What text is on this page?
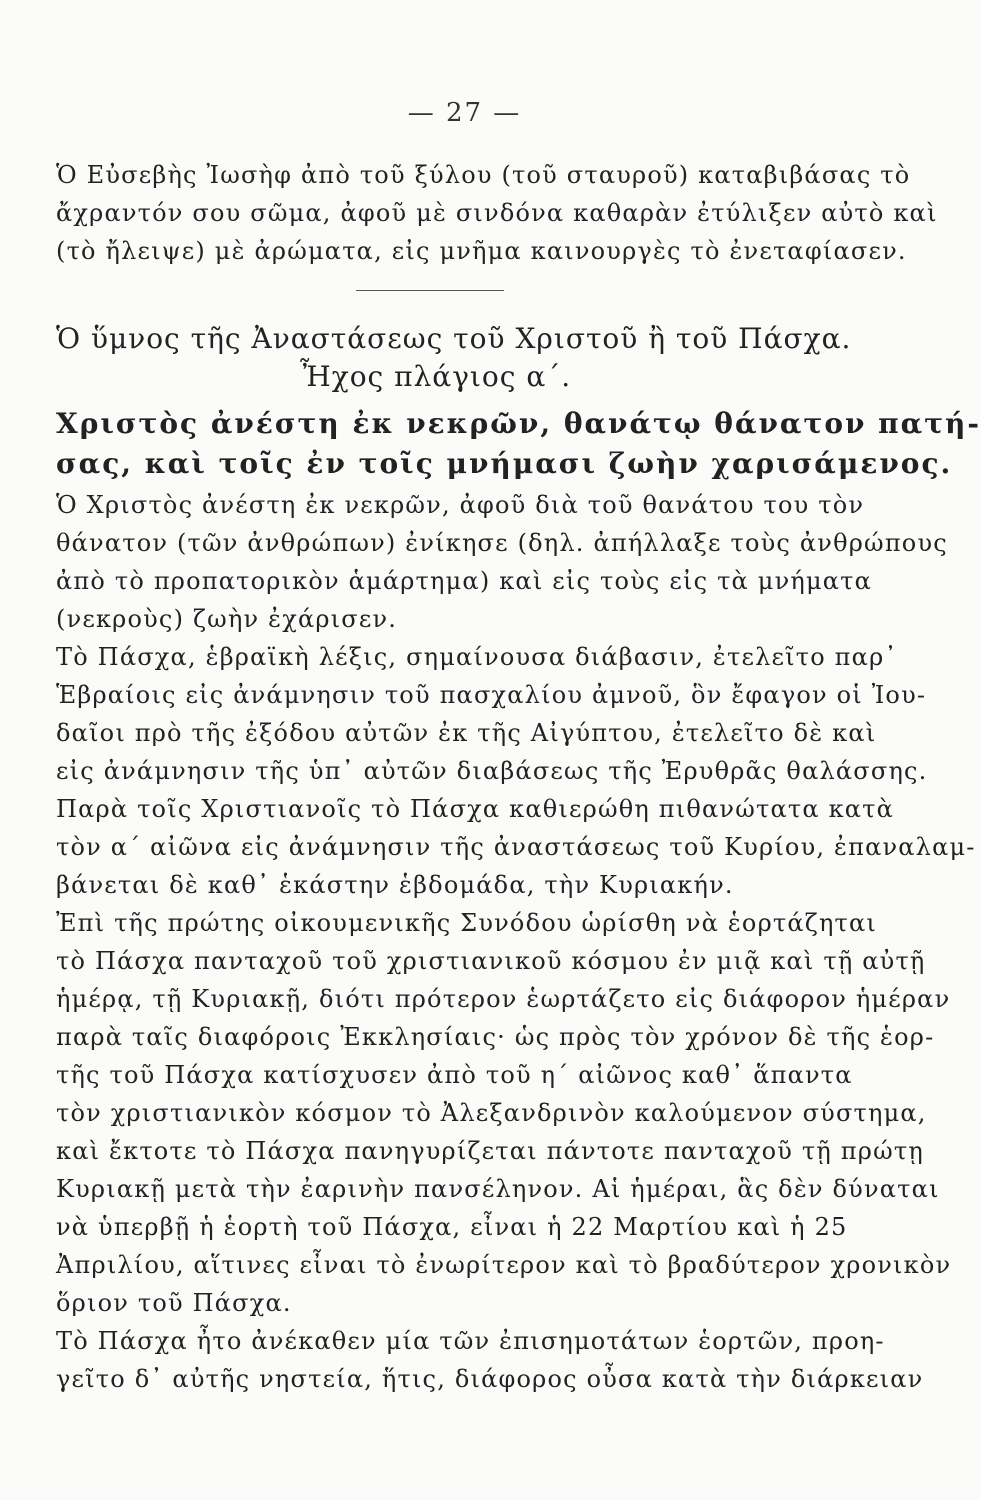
— 27 —
Ὁ Εὐσεβὴς Ἰωσὴφ ἀπὸ τοῦ ξύλου (τοῦ σταυροῦ) καταβιβάσας τὸ
ἄχραντόν σου σῶμα, ἀφοῦ μὲ σινδόνα καθαρὰν ἐτύλιξεν αὐτὸ καὶ
(τὸ ἤλειψε) μὲ ἀρώματα, εἰς μνῆμα καινουργὲς τὸ ἐνεταφίασεν.
Ὁ ὕμνος τῆς Ἀναστάσεως τοῦ Χριστοῦ ἢ τοῦ Πάσχα.
Ἦχος πλάγιος α΄.
Χριστὸς ἀνέστη ἐκ νεκρῶν, θανάτῳ θάνατον πατή-
σας, καὶ τοῖς ἐν τοῖς μνήμασι ζωὴν χαρισάμενος.
Ὁ Χριστὸς ἀνέστη ἐκ νεκρῶν, ἀφοῦ διὰ τοῦ θανάτου του τὸν
θάνατον (τῶν ἀνθρώπων) ἐνίκησε (δηλ. ἀπήλλαξε τοὺς ἀνθρώπους
ἀπὸ τὸ προπατορικὸν ἁμάρτημα) καὶ εἰς τοὺς εἰς τὰ μνήματα
(νεκροὺς) ζωὴν ἐχάρισεν.
Τὸ Πάσχα, ἑβραϊκὴ λέξις, σημαίνουσα διάβασιν, ἐτελεῖτο παρ᾽
Ἑβραίοις εἰς ἀνάμνησιν τοῦ πασχαλίου ἀμνοῦ, ὃν ἔφαγον οἱ Ἰου-
δαῖοι πρὸ τῆς ἐξόδου αὐτῶν ἐκ τῆς Αἰγύπτου, ἐτελεῖτο δὲ καὶ
εἰς ἀνάμνησιν τῆς ὑπ᾽ αὐτῶν διαβάσεως τῆς Ἐρυθρᾶς θαλάσσης.
Παρὰ τοῖς Χριστιανοῖς τὸ Πάσχα καθιερώθη πιθανώτατα κατὰ
τὸν α΄ αἰῶνα εἰς ἀνάμνησιν τῆς ἀναστάσεως τοῦ Κυρίου, ἐπαναλαμ-
βάνεται δὲ καθ᾽ ἑκάστην ἑβδομάδα, τὴν Κυριακήν.
Ἐπὶ τῆς πρώτης οἰκουμενικῆς Συνόδου ὡρίσθη νὰ ἑορτάζηται
τὸ Πάσχα πανταχοῦ τοῦ χριστιανικοῦ κόσμου ἐν μιᾷ καὶ τῇ αὐτῇ
ἡμέρᾳ, τῇ Κυριακῇ, διότι πρότερον ἑωρτάζετο εἰς διάφορον ἡμέραν
παρὰ ταῖς διαφόροις Ἐκκλησίαις· ὡς πρὸς τὸν χρόνον δὲ τῆς ἑορ-
τῆς τοῦ Πάσχα κατίσχυσεν ἀπὸ τοῦ η΄ αἰῶνος καθ᾽ ἅπαντα
τὸν χριστιανικὸν κόσμον τὸ Ἀλεξανδρινὸν καλούμενον σύστημα,
καὶ ἔκτοτε τὸ Πάσχα πανηγυρίζεται πάντοτε πανταχοῦ τῇ πρώτῃ
Κυριακῇ μετὰ τὴν ἐαρινὴν πανσέληνον. Αἱ ἡμέραι, ἃς δὲν δύναται
νὰ ὑπερβῇ ἡ ἑορτὴ τοῦ Πάσχα, εἶναι ἡ 22 Μαρτίου καὶ ἡ 25
Ἀπριλίου, αἵτινες εἶναι τὸ ἐνωρίτερον καὶ τὸ βραδύτερον χρονικὸν
ὅριον τοῦ Πάσχα.
Τὸ Πάσχα ἦτο ἀνέκαθεν μία τῶν ἐπισημοτάτων ἑορτῶν, προη-
γεῖτο δ᾽ αὐτῆς νηστεία, ἥτις, διάφορος οὖσα κατὰ τὴν διάρκειαν
